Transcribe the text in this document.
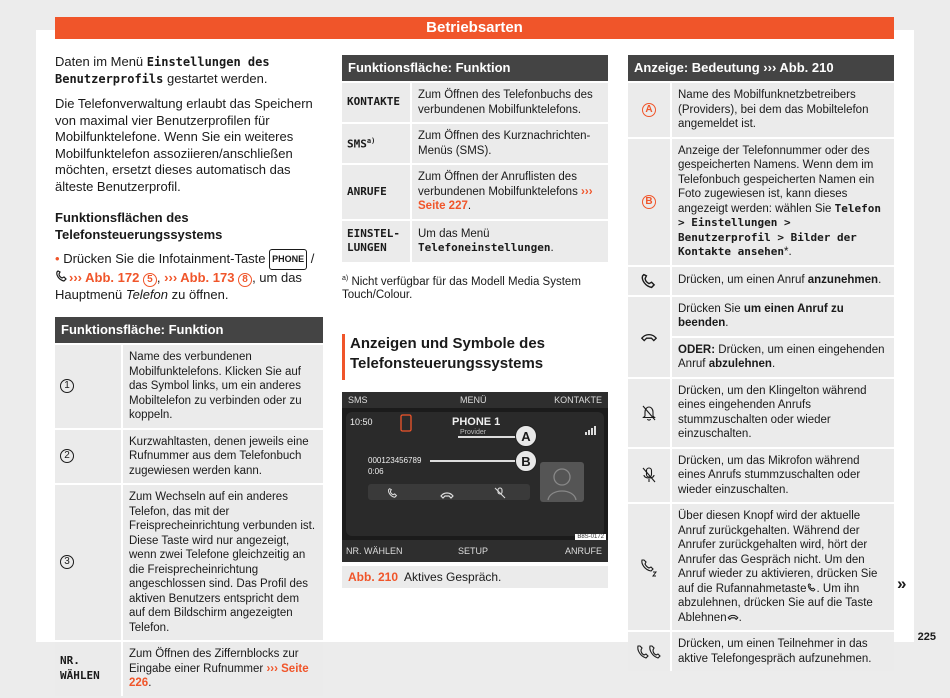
Betriebsarten

Daten im Menü Einstellungen des Benutzerprofils gestartet werden.

Die Telefonverwaltung erlaubt das Speichern von maximal vier Benutzerprofilen für Mobilfunktelefone. Wenn Sie ein weiteres Mobilfunktelefon assoziieren/anschließen möchten, ersetzt dieses automatisch das älteste Benutzerprofil.

Funktionsflächen des Telefonsteuerungssystems

• Drücken Sie die Infotainment-Taste PHONE / ››› Abb. 172 5 , ››› Abb. 173 8 , um das Hauptmenü Telefon zu öffnen.

Funktionsfläche: Funktion
1	Name des verbundenen Mobilfunktelefons. Klicken Sie auf das Symbol links, um ein anderes Mobiltelefon zu verbinden oder zu koppeln.
2	Kurzwahltasten, denen jeweils eine Rufnummer aus dem Telefonbuch zugewiesen werden kann.
3	Zum Wechseln auf ein anderes Telefon, das mit der Freisprecheinrichtung verbunden ist. Diese Taste wird nur angezeigt, wenn zwei Telefone gleichzeitig an die Freisprecheinrichtung angeschlossen sind. Das Profil des aktiven Benutzers entspricht dem auf dem Bildschirm angezeigten Telefon.
NR. WÄHLEN	Zum Öffnen des Ziffernblocks zur Eingabe einer Rufnummer ››› Seite 226.
Funktionsfläche: Funktion
KONTAKTE	Zum Öffnen des Telefonbuchs des verbundenen Mobilfunktelefons.
SMS$^{a)}$	Zum Öffnen des Kurznachrichten-Menüs (SMS).
ANRUFE	Zum Öffnen der Anruflisten des verbundenen Mobilfunktelefons ››› Seite 227.
EINSTEL-LUNGEN	Um das Menü Telefoneinstellungen.

$^{a)}$ Nicht verfügbar für das Modell Media System Touch/Colour.

Anzeigen und Symbole des Telefonsteuerungssystems
SMS	MENÜ	KONTAKTE
10:50	PHONE 1
Provider
000123456789
0:06
A
B
NR. WÄHLEN	SETUP	ANRUFE
B8S-0172
Abb. 210 Aktives Gespräch.
Anzeige: Bedeutung ››› Abb. 210
A	Name des Mobilfunknetzbetreibers (Providers), bei dem das Mobiltelefon angemeldet ist.
B	Anzeige der Telefonnummer oder des gespeicherten Namens. Wenn dem im Telefonbuch gespeicherten Namen ein Foto zugewiesen ist, kann dieses angezeigt werden: wählen Sie Telefon > Einstellungen > Benutzerprofil > Bilder der Kontakte ansehen*.

	Drücken, um einen Anruf anzunehmen.

	Drücken Sie um einen Anruf zu beenden.
	ODER: Drücken, um einen eingehenden Anruf abzulehnen.

	Drücken, um den Klingelton während eines eingehenden Anrufs stummzuschalten oder wieder einzuschalten.

	Drücken, um das Mikrofon während eines Anrufs stummzuschalten oder wieder einzuschalten.

	Über diesen Knopf wird der aktuelle Anruf zurückgehalten. Während der Anrufer zurückgehalten wird, hört der Anrufer das Gespräch nicht. Um den Anruf wieder zu aktivieren, drücken Sie auf die Rufannahmetaste . Um ihn abzulehnen, drücken Sie auf die Taste Ablehnen .

	Drücken, um einen Teilnehmer in das aktive Telefongespräch aufzunehmen.
»
225
